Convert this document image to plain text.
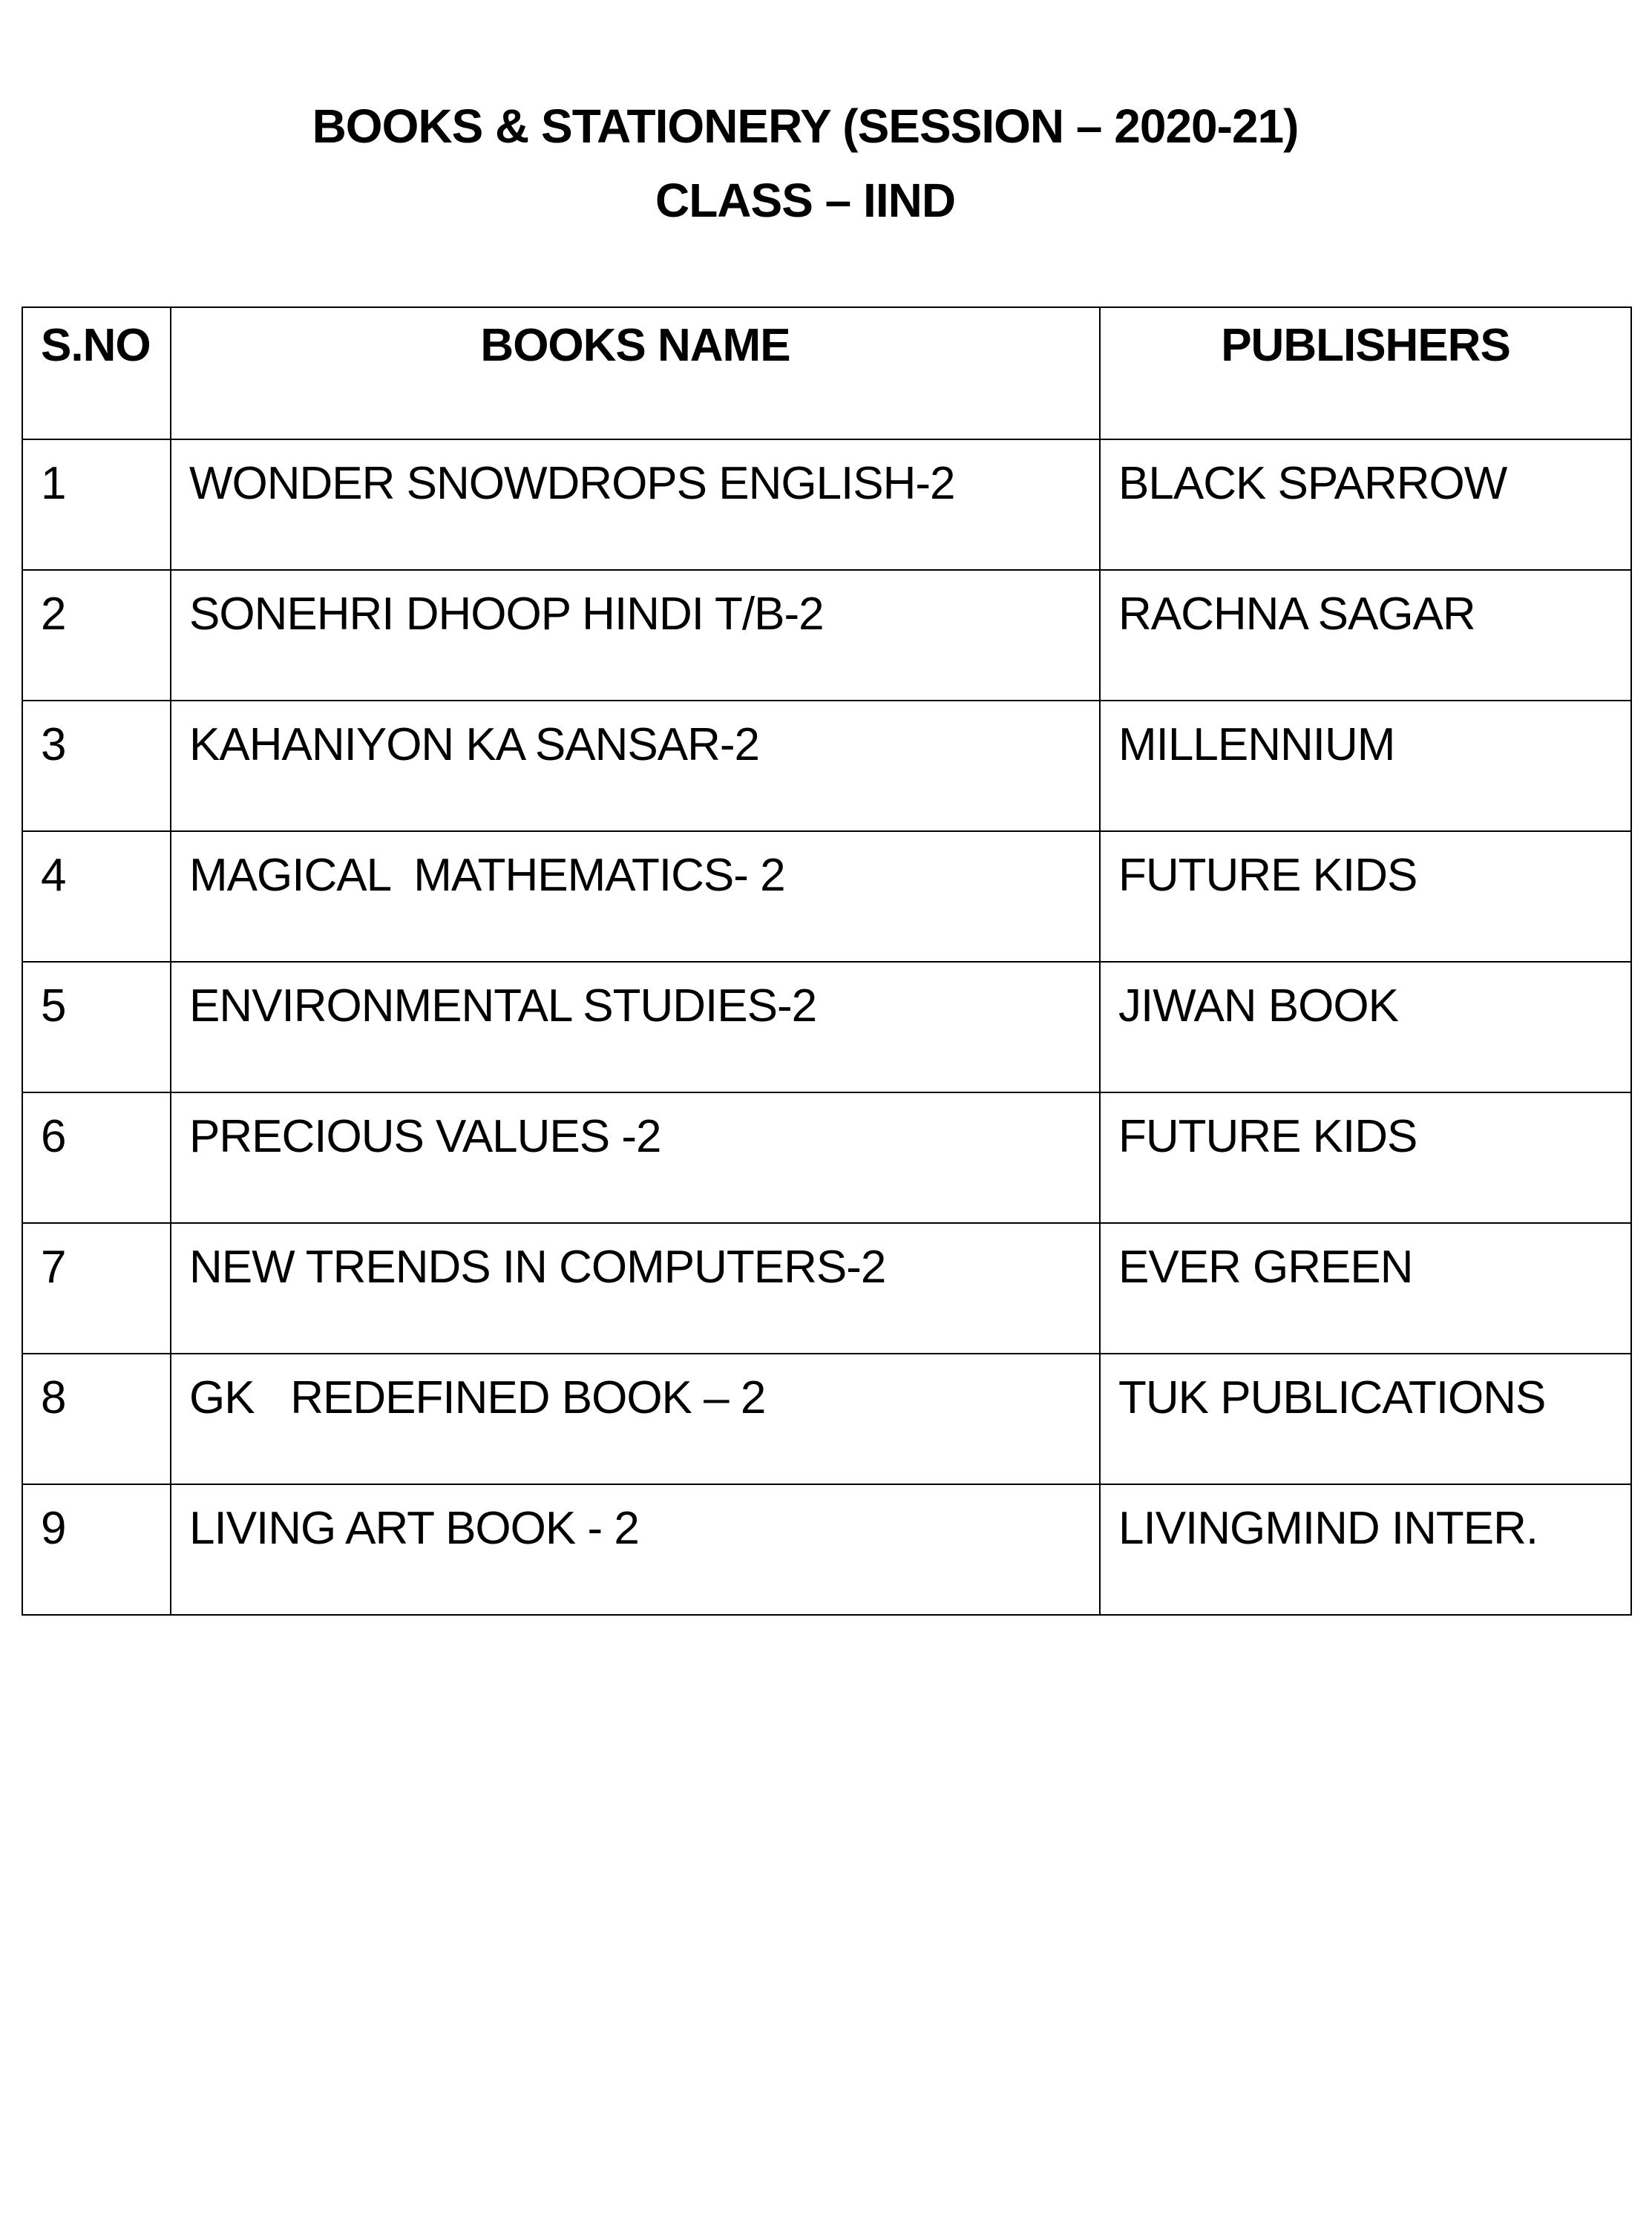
BOOKS & STATIONERY (SESSION – 2020-21)
CLASS – IIND
S.NO	BOOKS NAME	PUBLISHERS
1	WONDER SNOWDROPS ENGLISH-2	BLACK SPARROW
2	SONEHRI DHOOP HINDI T/B-2	RACHNA SAGAR
3	KAHANIYON KA SANSAR-2	MILLENNIUM
4	MAGICAL  MATHEMATICS- 2	FUTURE KIDS
5	ENVIRONMENTAL STUDIES-2	JIWAN BOOK
6	PRECIOUS VALUES -2	FUTURE KIDS
7	NEW TRENDS IN COMPUTERS-2	EVER GREEN
8	GK   REDEFINED BOOK – 2	TUK PUBLICATIONS
9	LIVING ART BOOK - 2	LIVINGMIND INTER.
